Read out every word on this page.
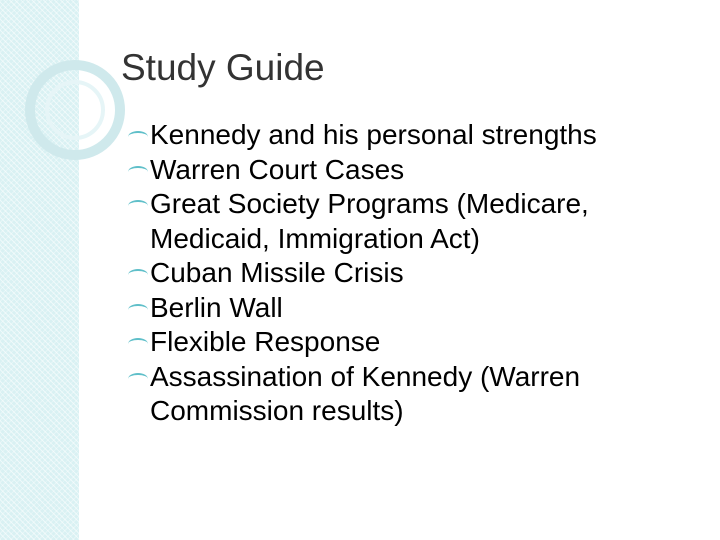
Study Guide
Kennedy and his personal strengths
Warren Court Cases
Great Society Programs (Medicare, Medicaid, Immigration Act)
Cuban Missile Crisis
Berlin Wall
Flexible Response
Assassination of Kennedy (Warren Commission results)
